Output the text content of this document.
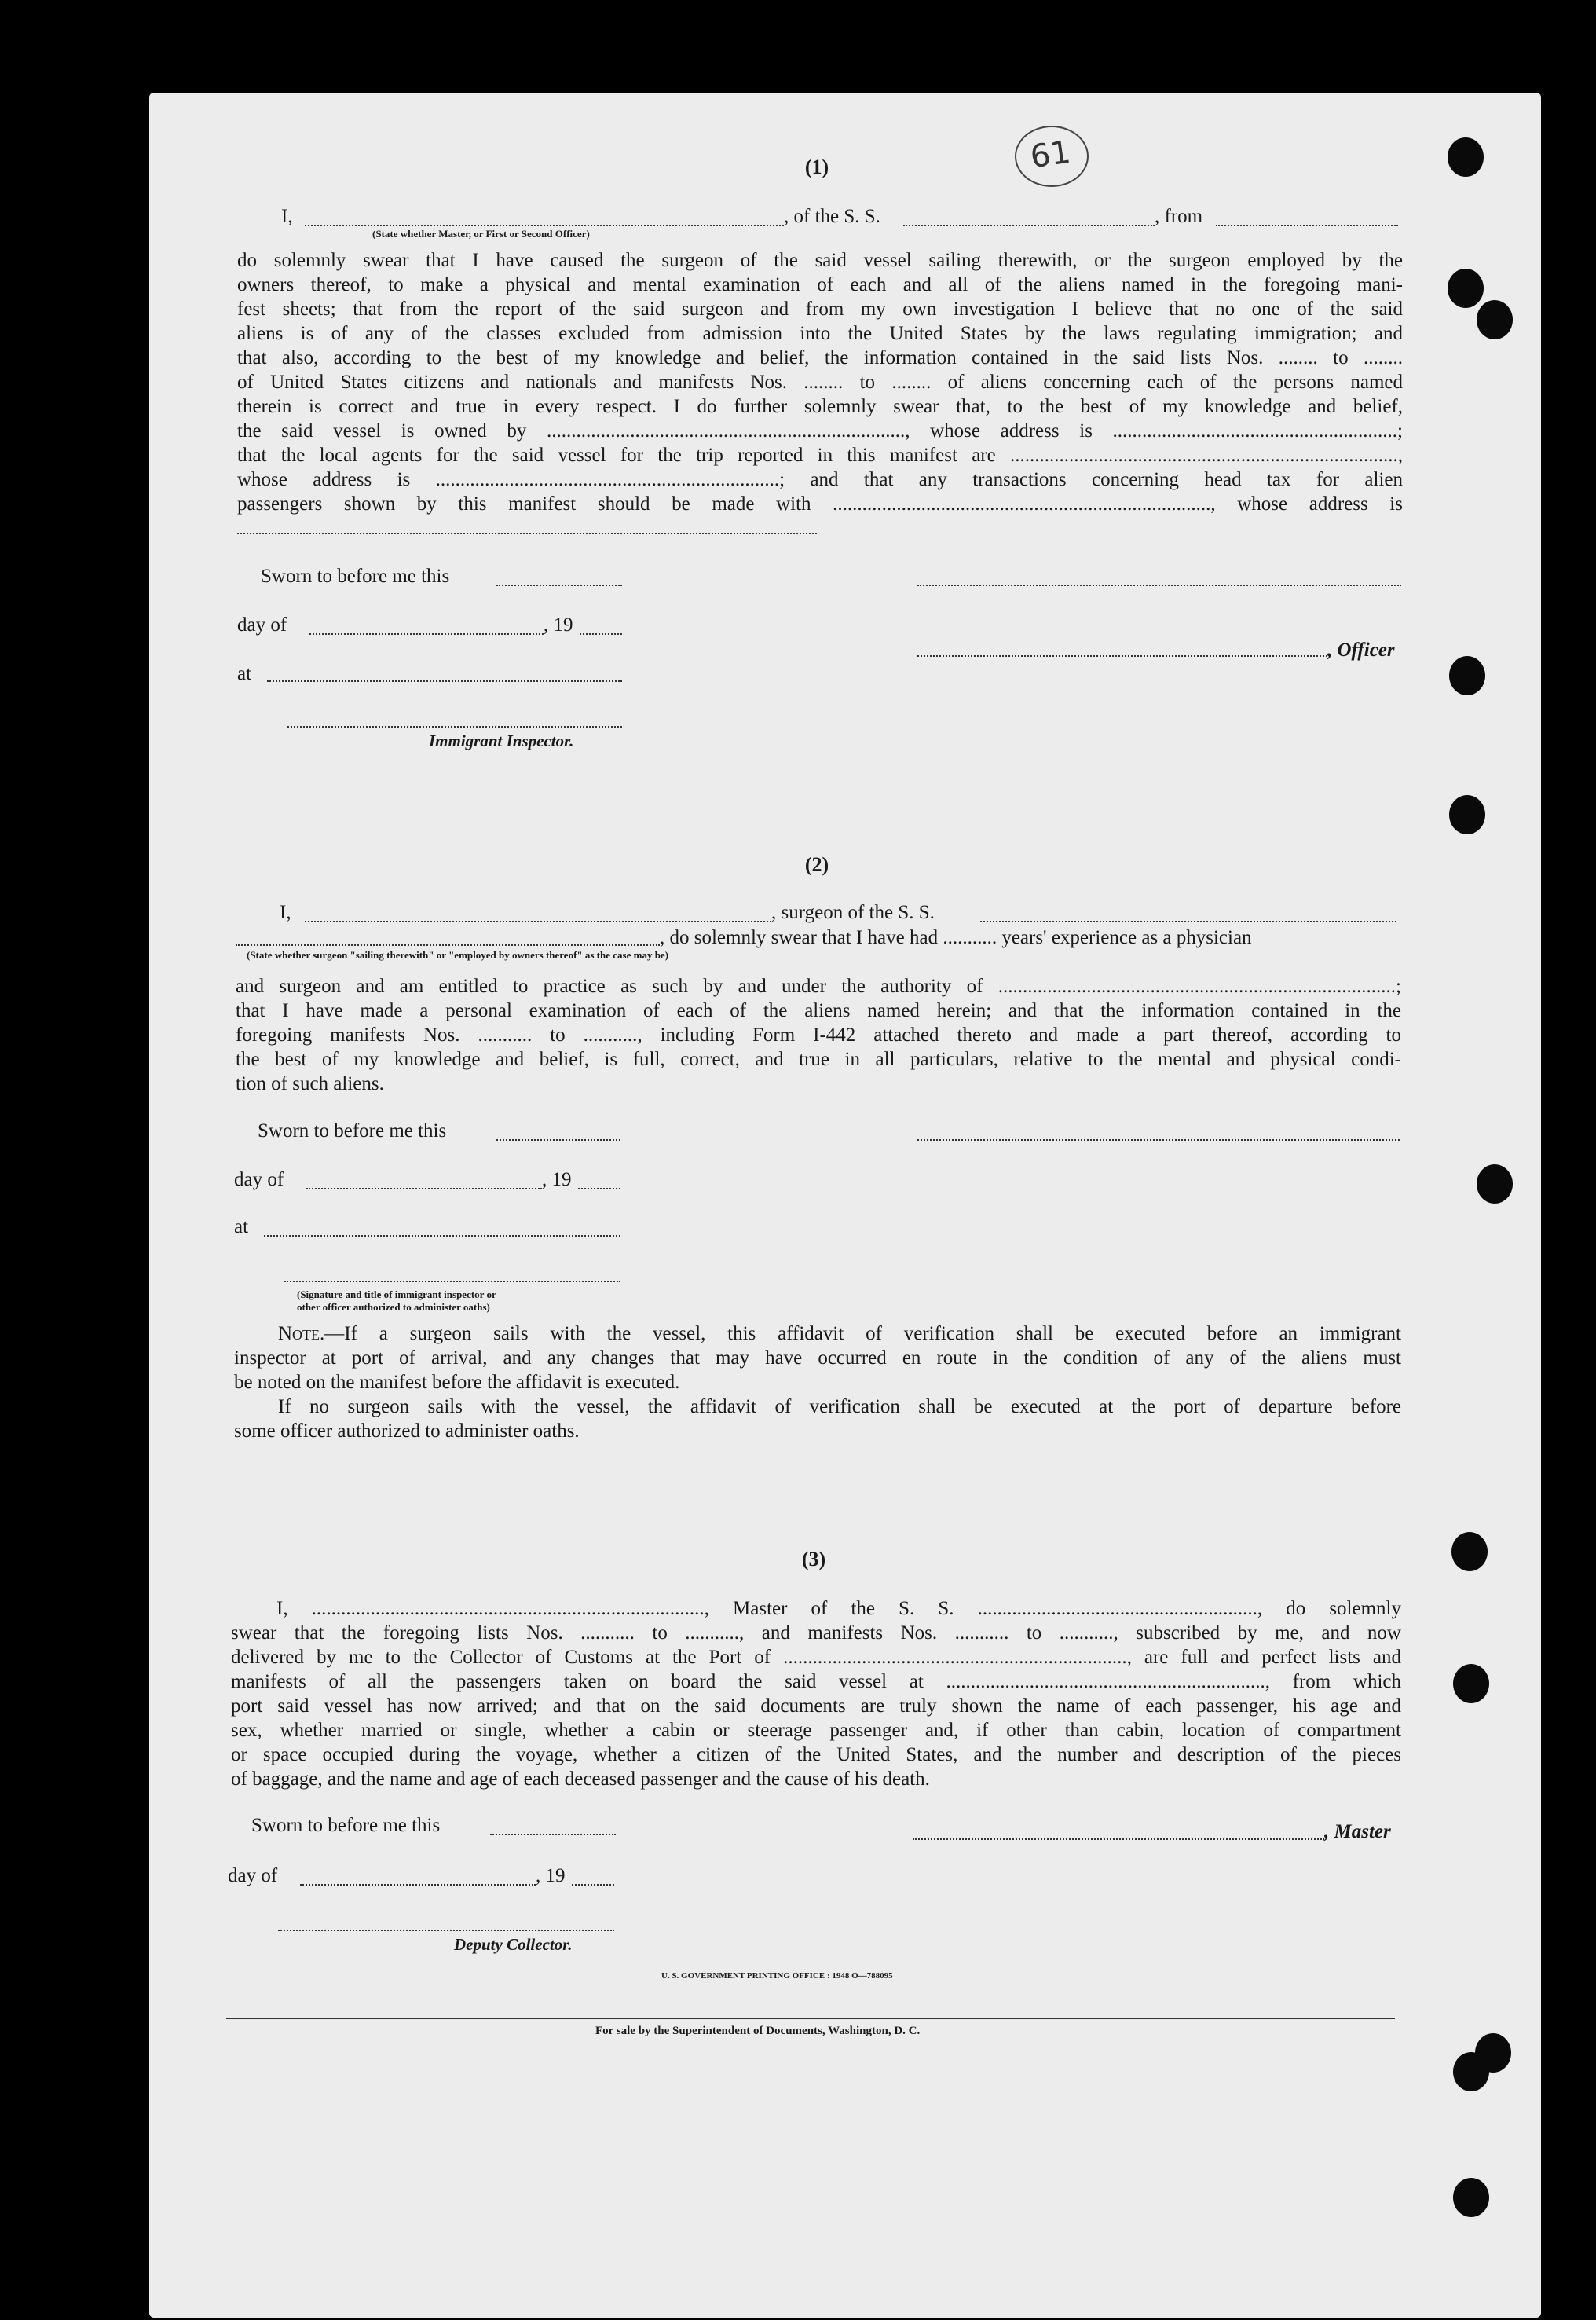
61
(1)
I,	, of the S. S.	, from
(State whether Master, or First or Second Officer)

do solemnly swear that I have caused the surgeon of the said vessel sailing therewith, or the surgeon employed by the

owners thereof, to make a physical and mental examination of each and all of the aliens named in the foregoing mani-

fest sheets; that from the report of the said surgeon and from my own investigation I believe that no one of the said

aliens is of any of the classes excluded from admission into the United States by the laws regulating immigration; and

that also, according to the best of my knowledge and belief, the information contained in the said lists Nos. ........ to ........

of United States citizens and nationals and manifests Nos. ........ to ........ of aliens concerning each of the persons named

therein is correct and true in every respect. I do further solemnly swear that, to the best of my knowledge and belief,

the said vessel is owned by ........................................................................., whose address is ..........................................................;

that the local agents for the said vessel for the trip reported in this manifest are ...............................................................................,

whose address is ......................................................................; and that any transactions concerning head tax for alien

passengers shown by this manifest should be made with ............................................................................., whose address is

Sworn to before me this
day of	, 19
, Officer
at
Immigrant Inspector.
(2)
I,	, surgeon of the S. S.
, do solemnly swear that I have had ........... years' experience as a physician
(State whether surgeon "sailing therewith" or "employed by owners thereof" as the case may be)

and surgeon and am entitled to practice as such by and under the authority of .................................................................................;

that I have made a personal examination of each of the aliens named herein; and that the information contained in the

foregoing manifests Nos. ........... to ..........., including Form I-442 attached thereto and made a part thereof, according to

the best of my knowledge and belief, is full, correct, and true in all particulars, relative to the mental and physical condi-

tion of such aliens.

Sworn to before me this
day of	, 19
at
(Signature and title of immigrant inspector or
other officer authorized to administer oaths)

Note.—If a surgeon sails with the vessel, this affidavit of verification shall be executed before an immigrant

inspector at port of arrival, and any changes that may have occurred en route in the condition of any of the aliens must

be noted on the manifest before the affidavit is executed.

If no surgeon sails with the vessel, the affidavit of verification shall be executed at the port of departure before

some officer authorized to administer oaths.

(3)

I, ................................................................................, Master of the S. S. ........................................................., do solemnly

swear that the foregoing lists Nos. ........... to ..........., and manifests Nos. ........... to ..........., subscribed by me, and now

delivered by me to the Collector of Customs at the Port of ......................................................................, are full and perfect lists and

manifests of all the passengers taken on board the said vessel at ................................................................., from which

port said vessel has now arrived; and that on the said documents are truly shown the name of each passenger, his age and

sex, whether married or single, whether a cabin or steerage passenger and, if other than cabin, location of compartment

or space occupied during the voyage, whether a citizen of the United States, and the number and description of the pieces

of baggage, and the name and age of each deceased passenger and the cause of his death.

Sworn to before me this	, Master
day of	, 19
Deputy Collector.
U. S. GOVERNMENT PRINTING OFFICE : 1948 O—788095
For sale by the Superintendent of Documents, Washington, D. C.
